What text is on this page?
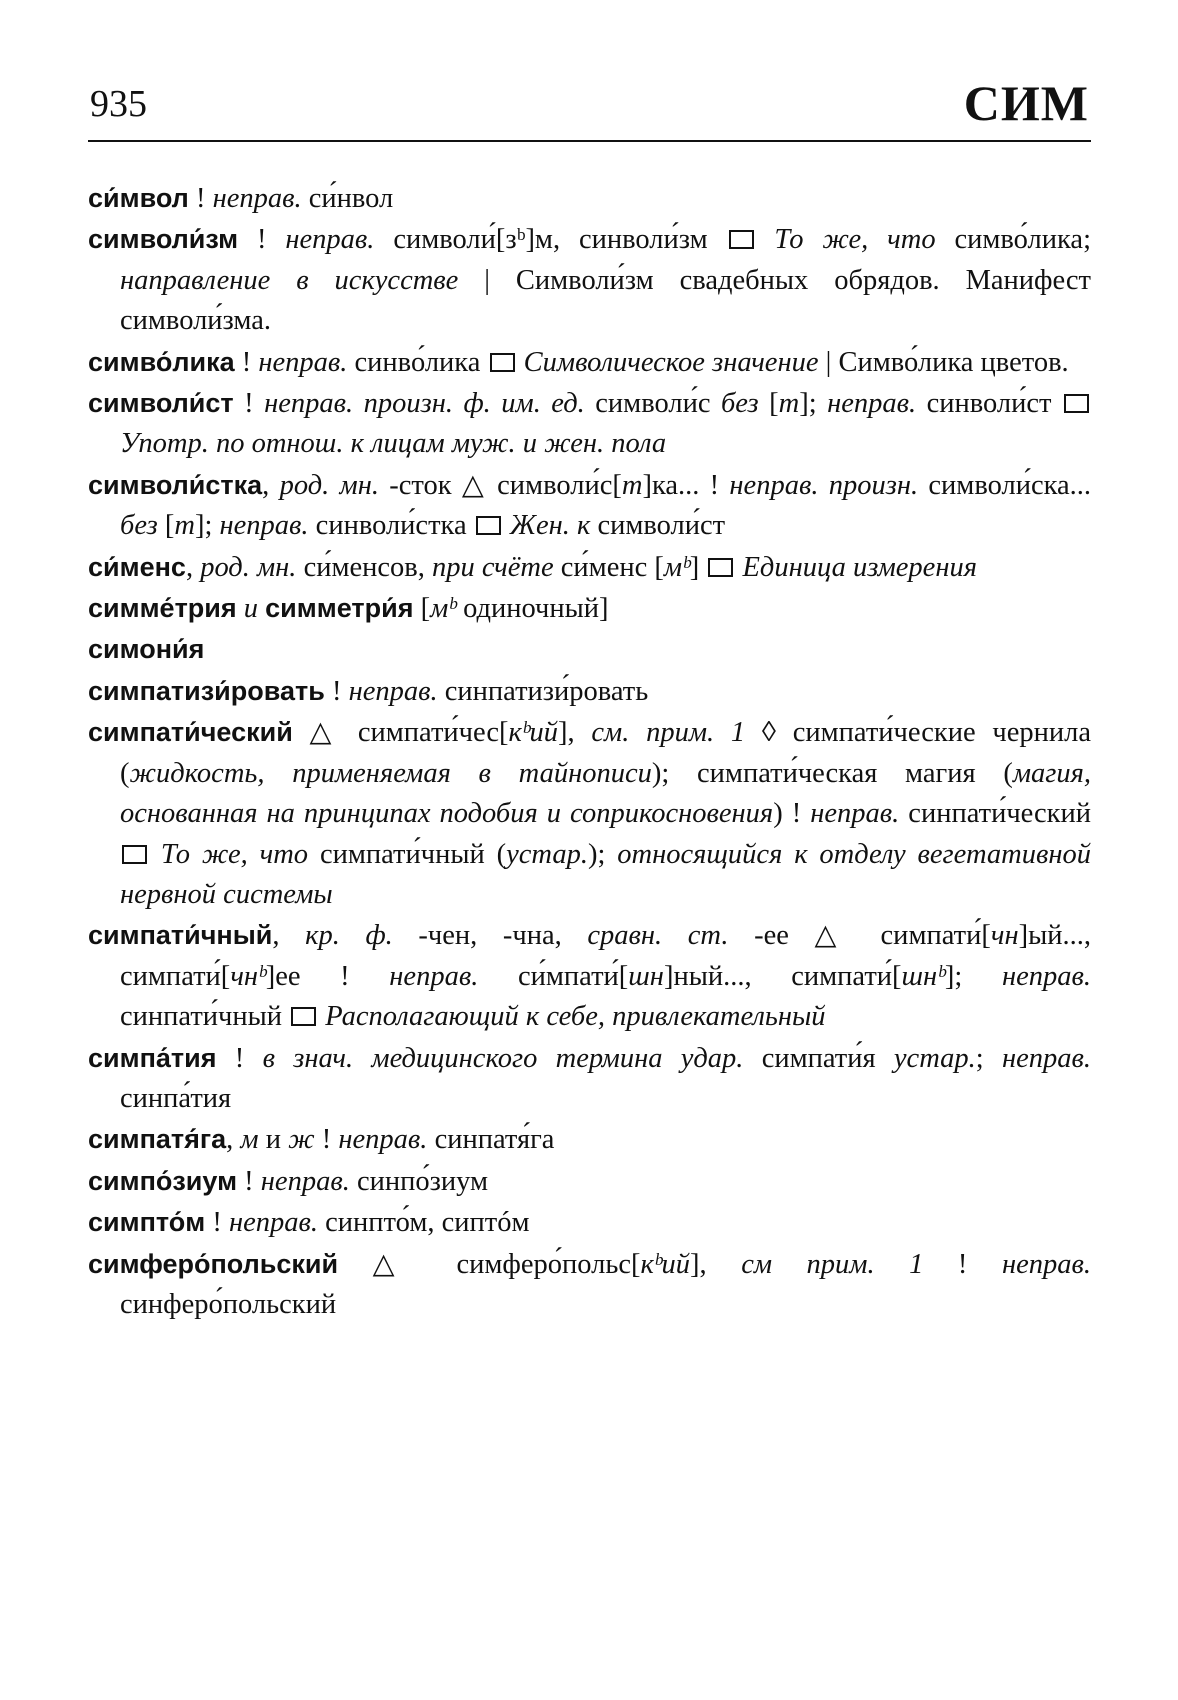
935	СИМ

си́мвол ! неправ. си́нвол

символи́зм ! неправ. символи́[зᵇ]м, синволи́зм  То же, что симво́лика; направление в искусстве | Символи́зм свадебных обрядов. Манифест символи́зма.

симво́лика ! неправ. синво́лика  Символическое значение | Симво́лика цветов.

символи́ст ! неправ. произн. ф. им. ед. символи́с без [т]; неправ. синволи́ст  Употр. по отнош. к лицам муж. и жен. пола

символи́стка, род. мн. -сток △ символи́с[т]ка... ! неправ. произн. символи́ска... без [т]; неправ. синволи́стка  Жен. к символи́ст

си́менс, род. мн. си́менсов, при счёте си́менс [мᵇ]  Единица измерения

симме́трия и симметри́я [мᵇ одиночный]

симони́я

симпатизи́ровать ! неправ. синпатизи́ровать

симпати́ческий △ симпати́чес[кᵇий], см. прим. 1 ◊ симпати́ческие чернила (жидкость, применяемая в тайнописи); симпати́ческая магия (магия, основанная на принципах подобия и соприкосновения) ! неправ. синпати́ческий  То же, что симпати́чный (устар.); относящийся к отделу вегетативной нервной системы

симпати́чный, кр. ф. -чен, -чна, сравн. ст. -ее △ симпати́[чн]ый..., симпати́[чнᵇ]ее ! неправ. си́мпати́[шн]ный..., симпати́[шнᵇ]; неправ. синпати́чный  Располагающий к себе, привлекательный

симпа́тия ! в знач. медицинского термина удар. симпати́я устар.; неправ. синпа́тия

симпатя́га, м и ж ! неправ. синпатя́га

симпо́зиум ! неправ. синпо́зиум

симпто́м ! неправ. синпто́м, сиптóм

симферо́польский △ симферо́польс[кᵇий], см прим. 1 ! неправ. синферо́польский
